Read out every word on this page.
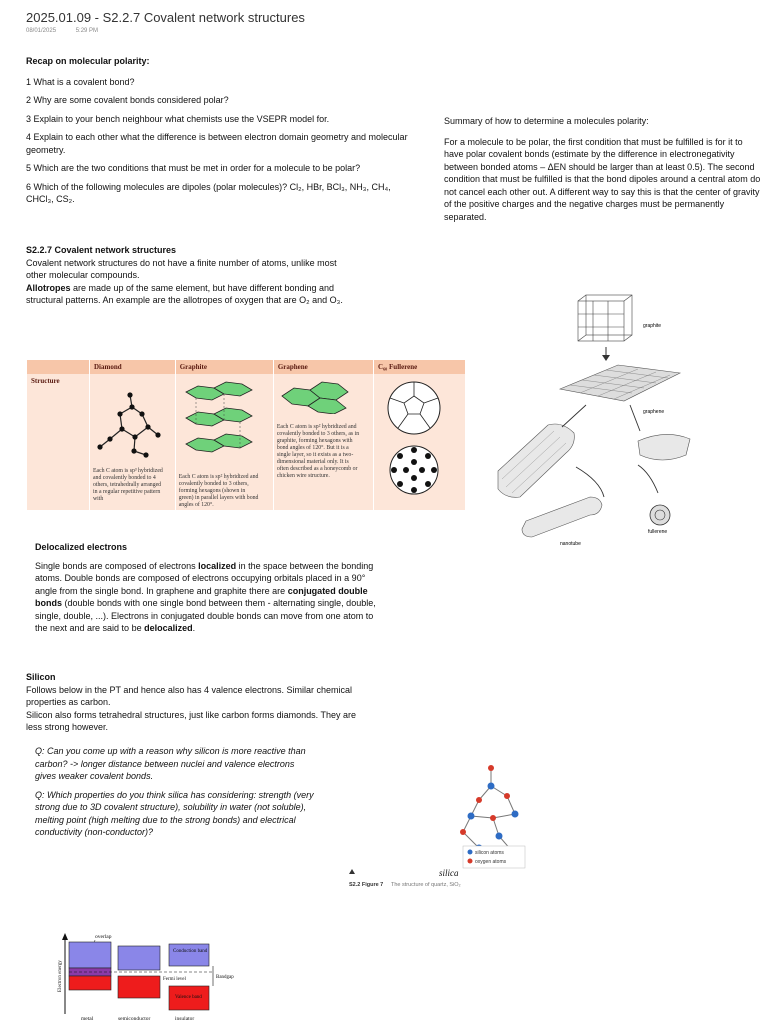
2025.01.09 - S2.2.7 Covalent network structures
08/01/2025	5:29 PM
Recap on molecular polarity:

1 What is a covalent bond?

2 Why are some covalent bonds considered polar?

3 Explain to your bench neighbour what chemists use the VSEPR model for.

4 Explain to each other what the difference is between electron domain geometry and molecular geometry.

5 Which are the two conditions that must be met in order for a molecule to be polar?

6 Which of the following molecules are dipoles (polar molecules)? Cl₂, HBr, BCl₃, NH₃, CH₄, CHCl₃, CS₂.

Summary of how to determine a molecules polarity:

For a molecule to be polar, the first condition that must be fulfilled is for it to have polar covalent bonds (estimate by the difference in electronegativity between bonded atoms – ΔEN should be larger than at least 0.5). The second condition that must be fulfilled is that the bond dipoles around a central atom do not cancel each other out. A different way to say this is that the center of gravity of the positive charges and the negative charges must be permanently separated.

S2.2.7 Covalent network structures
Covalent network structures do not have a finite number of atoms, unlike most other molecular compounds.
Allotropes are made up of the same element, but have different bonding and structural patterns. An example are the allotropes of oxygen that are O₂ and O₃.
	Diamond	Graphite	Graphene	C₆₀ Fullerene

Structure	Each C atom is sp³ hybridized and covalently bonded to 4 others, tetrahedrally arranged in a regular repetitive pattern with	Each C atom is sp² hybridized and covalently bonded to 3 others, forming hexagons (shown in green) in parallel layers with bond angles of 120°.	Each C atom is sp² hybridized and covalently bonded to 3 others, as in graphite, forming hexagons with bond angles of 120°. But it is a single layer, so it exists as a two-dimensional material only. It is often described as a honeycomb or chicken wire structure.

graphite
graphene
nanotube
fullerene
Delocalized electrons
Single bonds are composed of electrons localized in the space between the bonding atoms. Double bonds are composed of electrons occupying orbitals placed in a 90° angle from the single bond. In graphene and graphite there are conjugated double bonds (double bonds with one single bond between them - alternating single, double, single, double, ...). Electrons in conjugated double bonds can move from one atom to the next and are said to be delocalized.
Silicon
Follows below in the PT and hence also has 4 valence electrons. Similar chemical properties as carbon.
Silicon also forms tetrahedral structures, just like carbon forms diamonds. They are less strong however.

Q: Can you come up with a reason why silicon is more reactive than carbon? -> longer distance between nuclei and valence electrons gives weaker covalent bonds.

Q: Which properties do you think silica has considering: strength (very strong due to 3D covalent structure), solubility in water (not soluble), melting point (high melting due to the strong bonds) and electrical conductivity (non-conductor)?

silicon atoms
oxygen atoms
silica
S2.2 Figure 7 The structure of quartz, SiO₂
Electron energy
overlap
Conduction band
Valence band
Fermi level	Bandgap
metal	semiconductor	insulator
